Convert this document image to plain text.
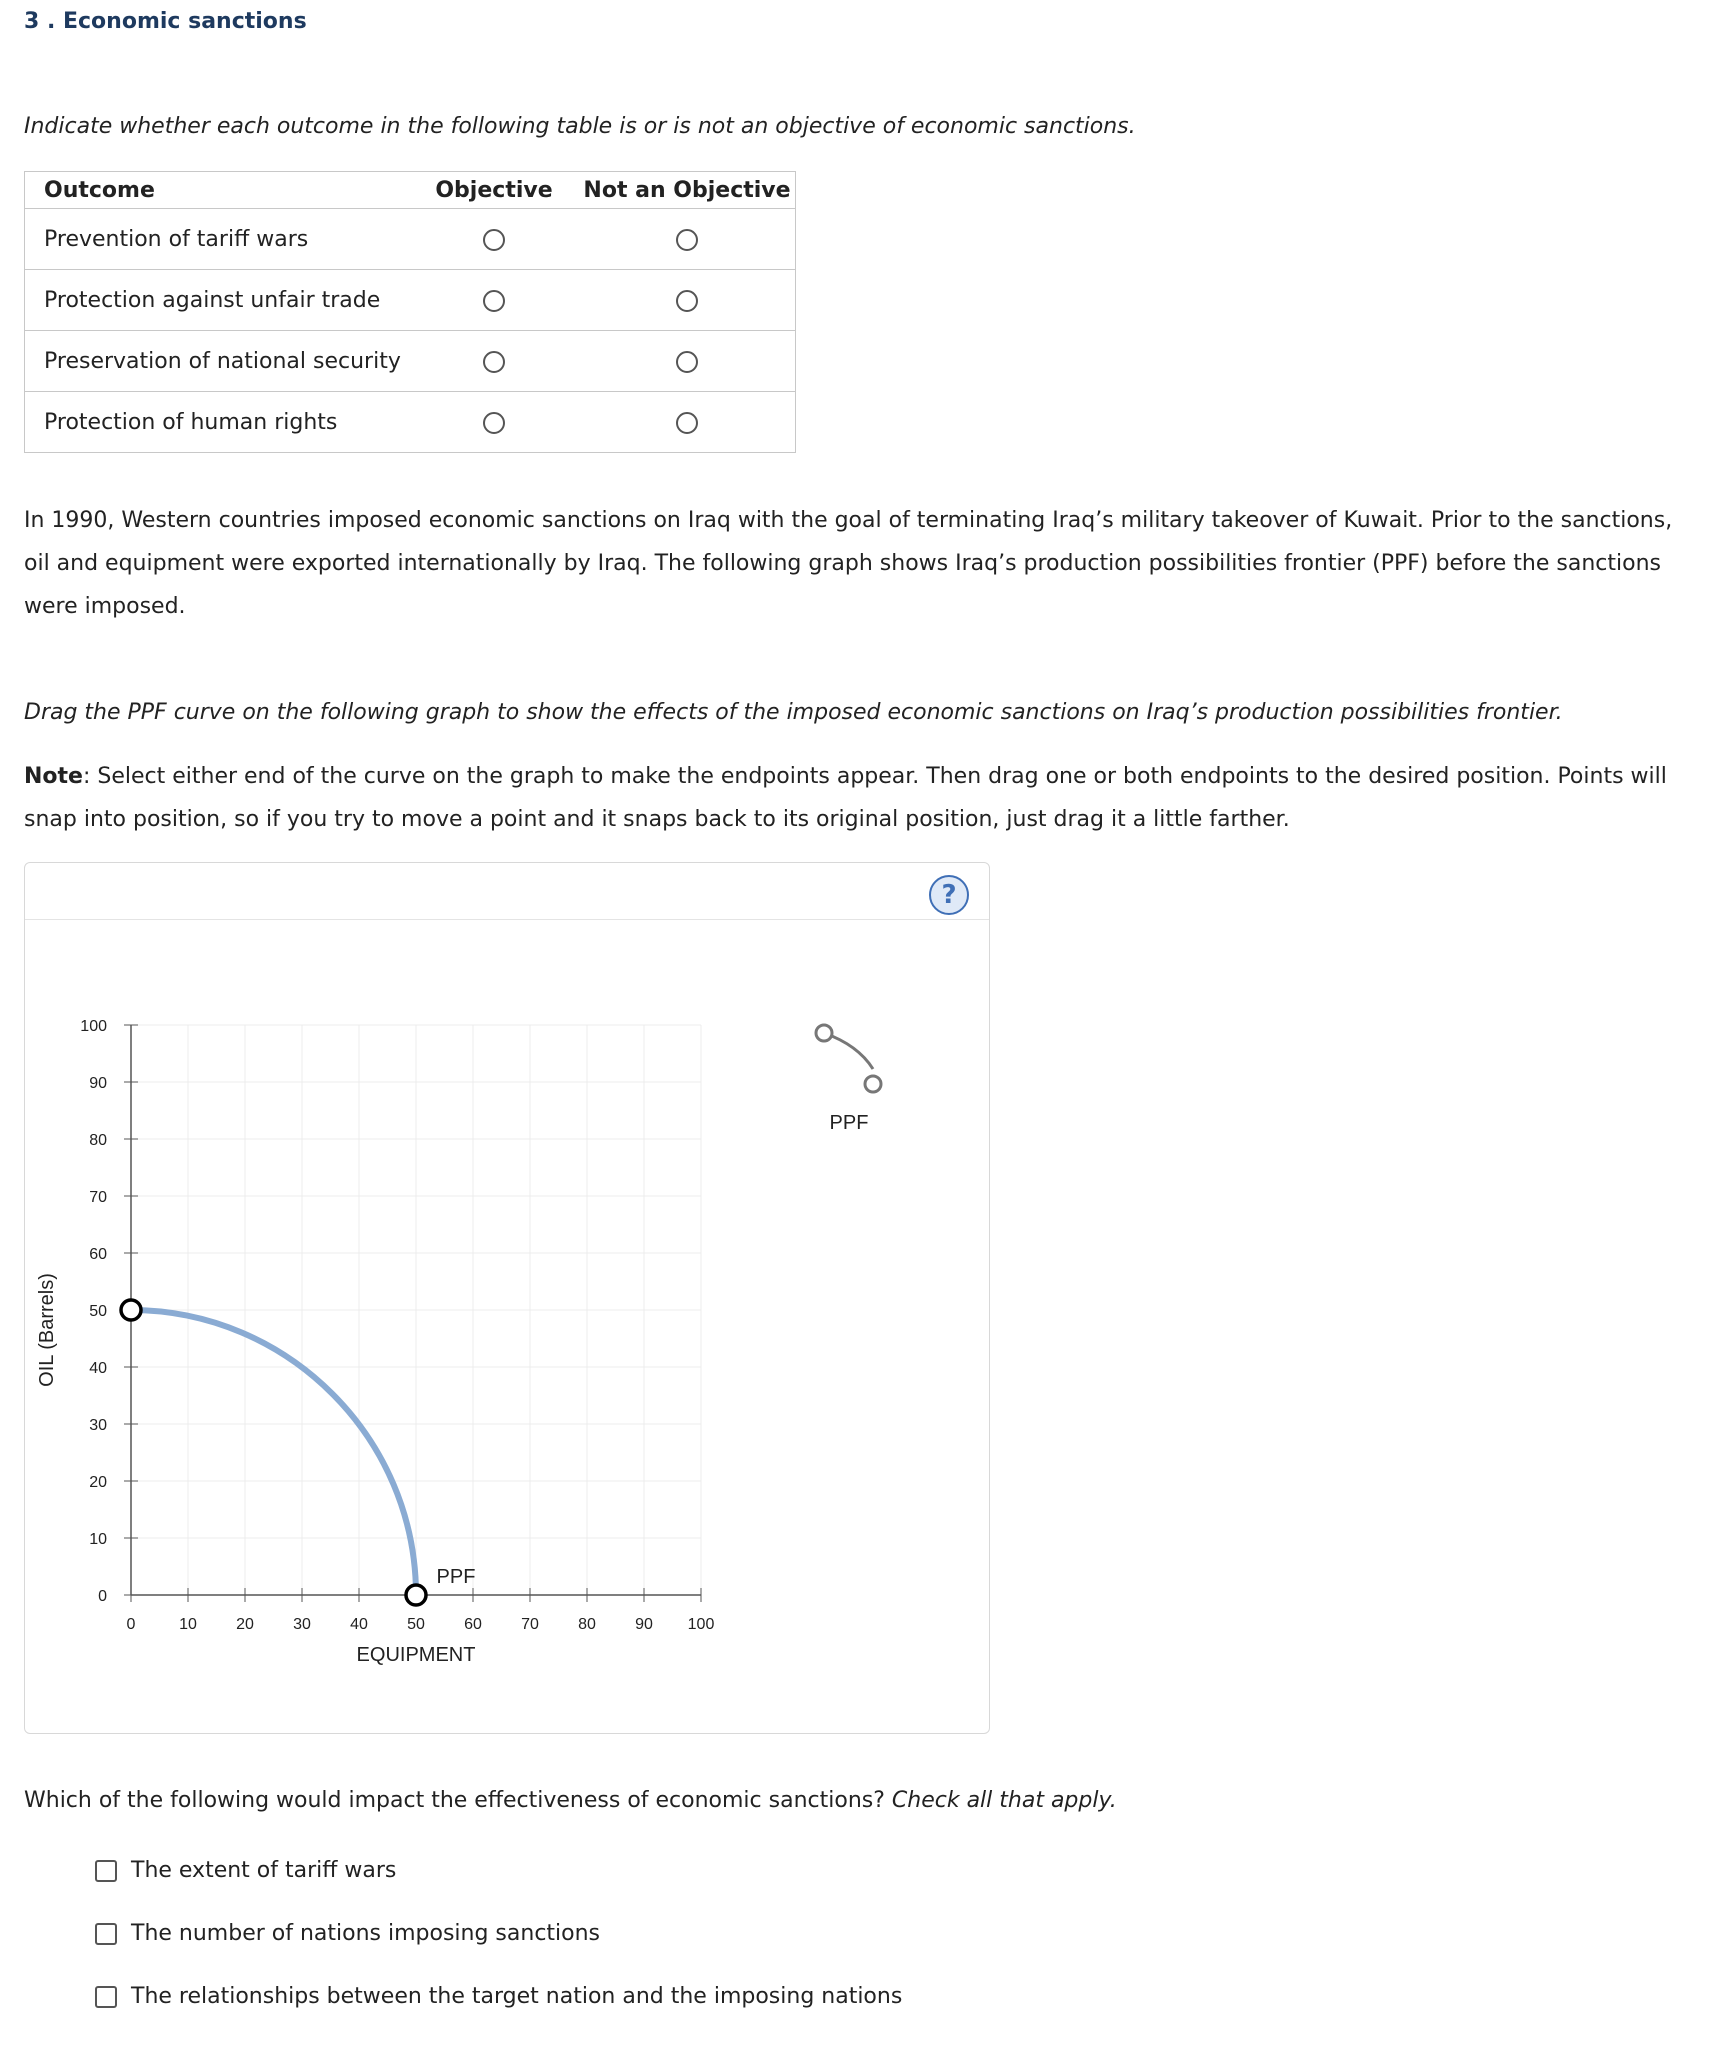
3 . Economic sanctions
Indicate whether each outcome in the following table is or is not an objective of economic sanctions.
Outcome	Objective	Not an Objective
Prevention of tariff wars		
Protection against unfair trade		
Preservation of national security		
Protection of human rights		
In 1990, Western countries imposed economic sanctions on Iraq with the goal of terminating Iraq’s military takeover of Kuwait. Prior to the sanctions, oil and equipment were exported internationally by Iraq. The following graph shows Iraq’s production possibilities frontier (PPF) before the sanctions were imposed.
Drag the PPF curve on the following graph to show the effects of the imposed economic sanctions on Iraq’s production possibilities frontier.
Note: Select either end of the curve on the graph to make the endpoints appear. Then drag one or both endpoints to the desired position. Points will snap into position, so if you try to move a point and it snaps back to its original position, just drag it a little farther.
?
0	10 20 30 40 50 60 70 80 90 100
0
10
20
30
40
50
60
70
80
90
100
OIL (Barrels)
EQUIPMENT
PPF
PPF
Which of the following would impact the effectiveness of economic sanctions? Check all that apply.
The extent of tariff wars
The number of nations imposing sanctions
The relationships between the target nation and the imposing nations
